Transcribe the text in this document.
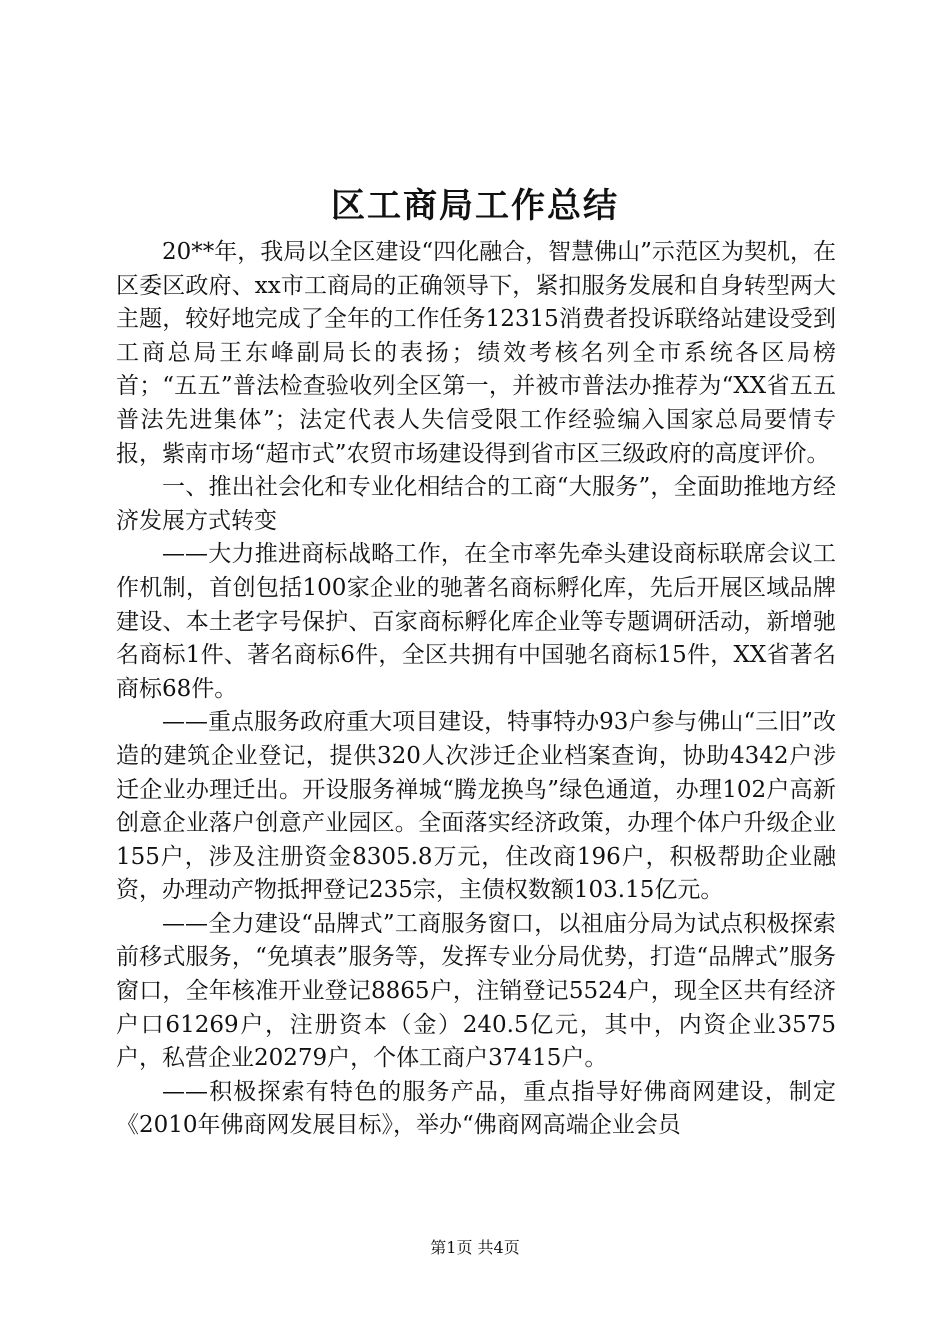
区工商局工作总结

20**年，我局以全区建设“四化融合，智慧佛山”示范区为契机，在区委区政府、xx市工商局的正确领导下，紧扣服务发展和自身转型两大主题，较好地完成了全年的工作任务12315消费者投诉联络站建设受到工商总局王东峰副局长的表扬；绩效考核名列全市系统各区局榜首；“五五”普法检查验收列全区第一，并被市普法办推荐为“XX省五五普法先进集体”；法定代表人失信受限工作经验编入国家总局要情专报，紫南市场“超市式”农贸市场建设得到省市区三级政府的高度评价。

一、推出社会化和专业化相结合的工商“大服务”，全面助推地方经济发展方式转变

——大力推进商标战略工作，在全市率先牵头建设商标联席会议工作机制，首创包括100家企业的驰著名商标孵化库，先后开展区域品牌建设、本土老字号保护、百家商标孵化库企业等专题调研活动，新增驰名商标1件、著名商标6件，全区共拥有中国驰名商标15件，XX省著名商标68件。

——重点服务政府重大项目建设，特事特办93户参与佛山“三旧”改造的建筑企业登记，提供320人次涉迁企业档案查询，协助4342户涉迁企业办理迁出。开设服务禅城“腾龙换鸟”绿色通道，办理102户高新创意企业落户创意产业园区。全面落实经济政策，办理个体户升级企业155户，涉及注册资金8305.8万元，住改商196户，积极帮助企业融资，办理动产物抵押登记235宗，主债权数额103.15亿元。

——全力建设“品牌式”工商服务窗口，以祖庙分局为试点积极探索前移式服务，“免填表”服务等，发挥专业分局优势，打造“品牌式”服务窗口，全年核准开业登记8865户，注销登记5524户，现全区共有经济户口61269户，注册资本（金）240.5亿元，其中，内资企业3575户，私营企业20279户，个体工商户37415户。

——积极探索有特色的服务产品，重点指导好佛商网建设，制定《2010年佛商网发展目标》，举办“佛商网高端企业会员

第1页 共4页
